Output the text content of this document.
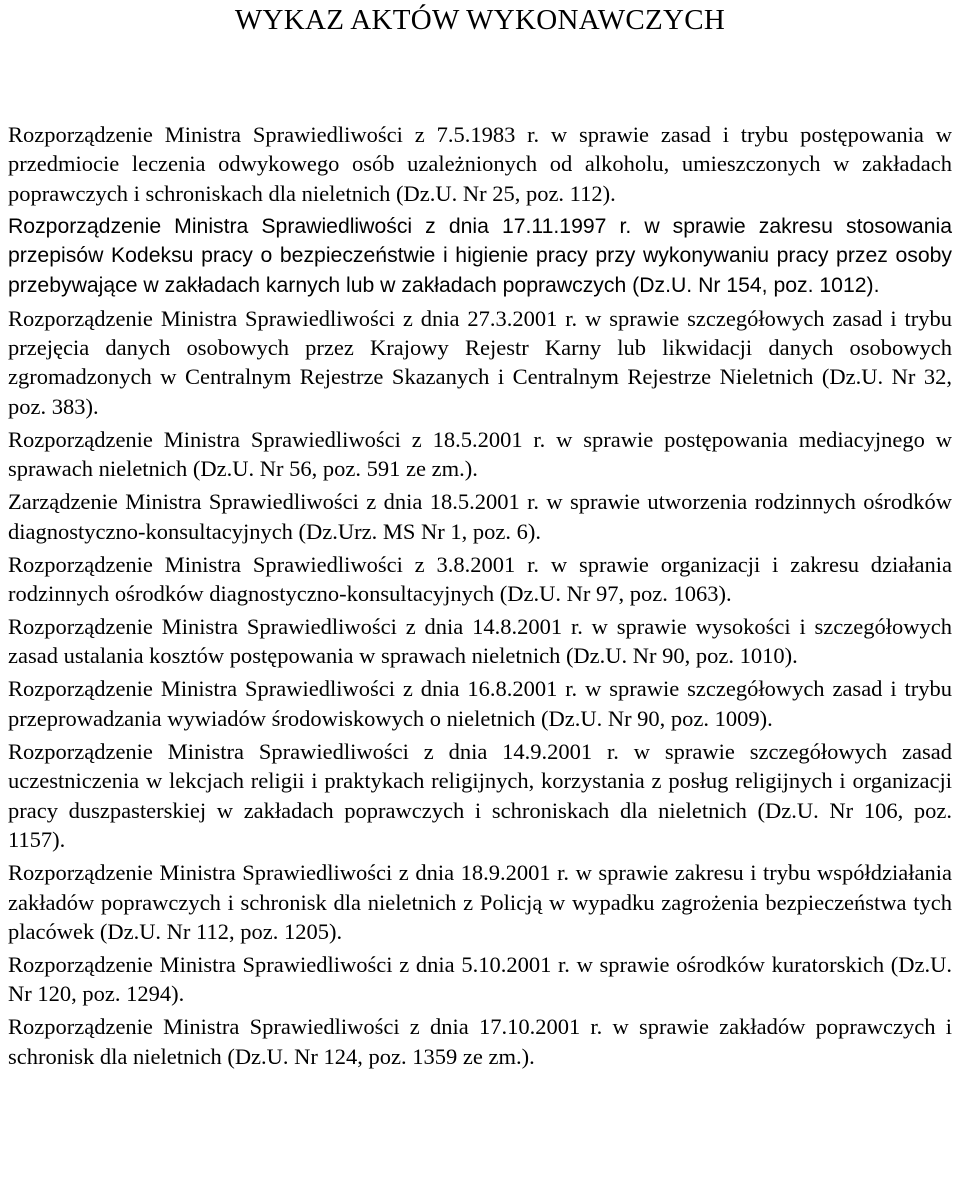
WYKAZ AKTÓW WYKONAWCZYCH

Rozporządzenie Ministra Sprawiedliwości z 7.5.1983 r. w sprawie zasad i trybu postępowania w przedmiocie leczenia odwykowego osób uzależnionych od alkoholu, umieszczonych w zakładach poprawczych i schroniskach dla nieletnich (Dz.U. Nr 25, poz. 112).

Rozporządzenie Ministra Sprawiedliwości z dnia 17.11.1997 r. w sprawie zakresu stosowania przepisów Kodeksu pracy o bezpieczeństwie i higienie pracy przy wykonywaniu pracy przez osoby przebywające w zakładach karnych lub w zakładach poprawczych (Dz.U. Nr 154, poz. 1012).

Rozporządzenie Ministra Sprawiedliwości z dnia 27.3.2001 r. w sprawie szczegółowych zasad i trybu przejęcia danych osobowych przez Krajowy Rejestr Karny lub likwidacji danych osobowych zgromadzonych w Centralnym Rejestrze Skazanych i Centralnym Rejestrze Nieletnich (Dz.U. Nr 32, poz. 383).

Rozporządzenie Ministra Sprawiedliwości z 18.5.2001 r. w sprawie postępowania mediacyjnego w sprawach nieletnich (Dz.U. Nr 56, poz. 591 ze zm.).

Zarządzenie Ministra Sprawiedliwości z dnia 18.5.2001 r. w sprawie utworzenia rodzinnych ośrodków diagnostyczno-konsultacyjnych (Dz.Urz. MS Nr 1, poz. 6).

Rozporządzenie Ministra Sprawiedliwości z 3.8.2001 r. w sprawie organizacji i zakresu działania rodzinnych ośrodków diagnostyczno-konsultacyjnych (Dz.U. Nr 97, poz. 1063).

Rozporządzenie Ministra Sprawiedliwości z dnia 14.8.2001 r. w sprawie wysokości i szczegółowych zasad ustalania kosztów postępowania w sprawach nieletnich (Dz.U. Nr 90, poz. 1010).

Rozporządzenie Ministra Sprawiedliwości z dnia 16.8.2001 r. w sprawie szczegółowych zasad i trybu przeprowadzania wywiadów środowiskowych o nieletnich (Dz.U. Nr 90, poz. 1009).

Rozporządzenie Ministra Sprawiedliwości z dnia 14.9.2001 r. w sprawie szczegółowych zasad uczestniczenia w lekcjach religii i praktykach religijnych, korzystania z posług religijnych i organizacji pracy duszpasterskiej w zakładach poprawczych i schroniskach dla nieletnich (Dz.U. Nr 106, poz. 1157).

Rozporządzenie Ministra Sprawiedliwości z dnia 18.9.2001 r. w sprawie zakresu i trybu współdziałania zakładów poprawczych i schronisk dla nieletnich z Policją w wypadku zagrożenia bezpieczeństwa tych placówek (Dz.U. Nr 112, poz. 1205).

Rozporządzenie Ministra Sprawiedliwości z dnia 5.10.2001 r. w sprawie ośrodków kuratorskich (Dz.U. Nr 120, poz. 1294).

Rozporządzenie Ministra Sprawiedliwości z dnia 17.10.2001 r. w sprawie zakładów poprawczych i schronisk dla nieletnich (Dz.U. Nr 124, poz. 1359 ze zm.).
